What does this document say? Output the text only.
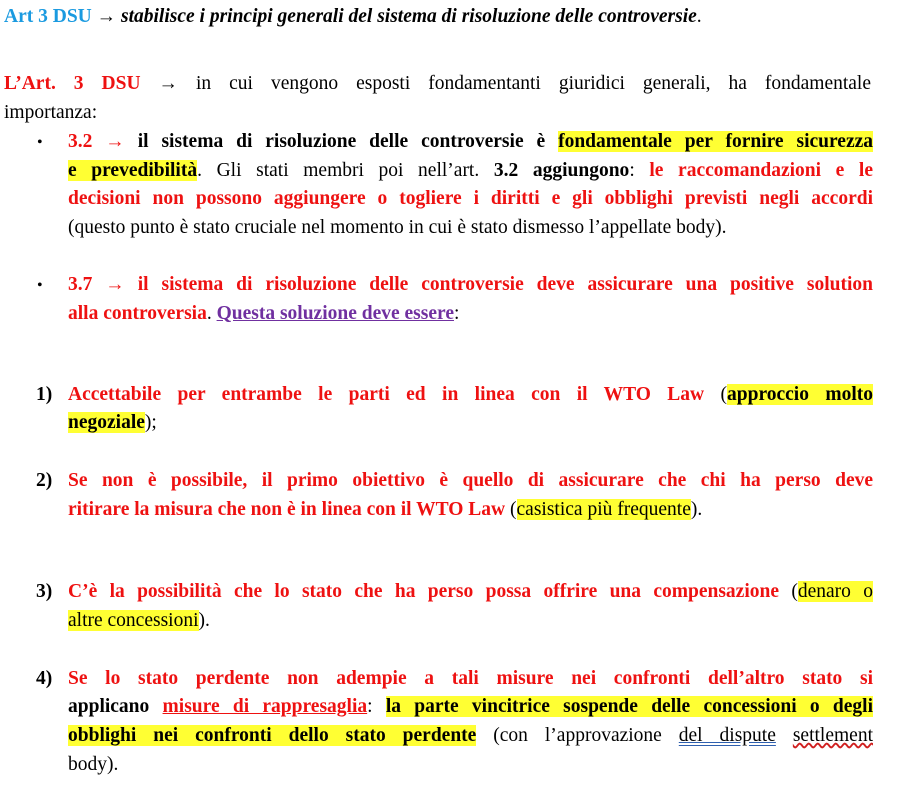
Art 3 DSU → stabilisce i principi generali del sistema di risoluzione delle controversie.
L’Art. 3 DSU → in cui vengono esposti fondamentanti giuridici generali, ha fondamentale
importanza:
• 3.2 → il sistema di risoluzione delle controversie è fondamentale per fornire sicurezza
e prevedibilità. Gli stati membri poi nell’art. 3.2 aggiungono: le raccomandazioni e le
decisioni non possono aggiungere o togliere i diritti e gli obblighi previsti negli accordi
(questo punto è stato cruciale nel momento in cui è stato dismesso l’appellate body).
• 3.7 → il sistema di risoluzione delle controversie deve assicurare una positive solution
alla controversia. Questa soluzione deve essere:
1) Accettabile per entrambe le parti ed in linea con il WTO Law (approccio molto
negoziale);
2) Se non è possibile, il primo obiettivo è quello di assicurare che chi ha perso deve
ritirare la misura che non è in linea con il WTO Law (casistica più frequente).
3) C’è la possibilità che lo stato che ha perso possa offrire una compensazione (denaro o
altre concessioni).
4) Se lo stato perdente non adempie a tali misure nei confronti dell’altro stato si
applicano misure di rappresaglia: la parte vincitrice sospende delle concessioni o degli
obblighi nei confronti dello stato perdente (con l’approvazione del dispute settlement
body).
